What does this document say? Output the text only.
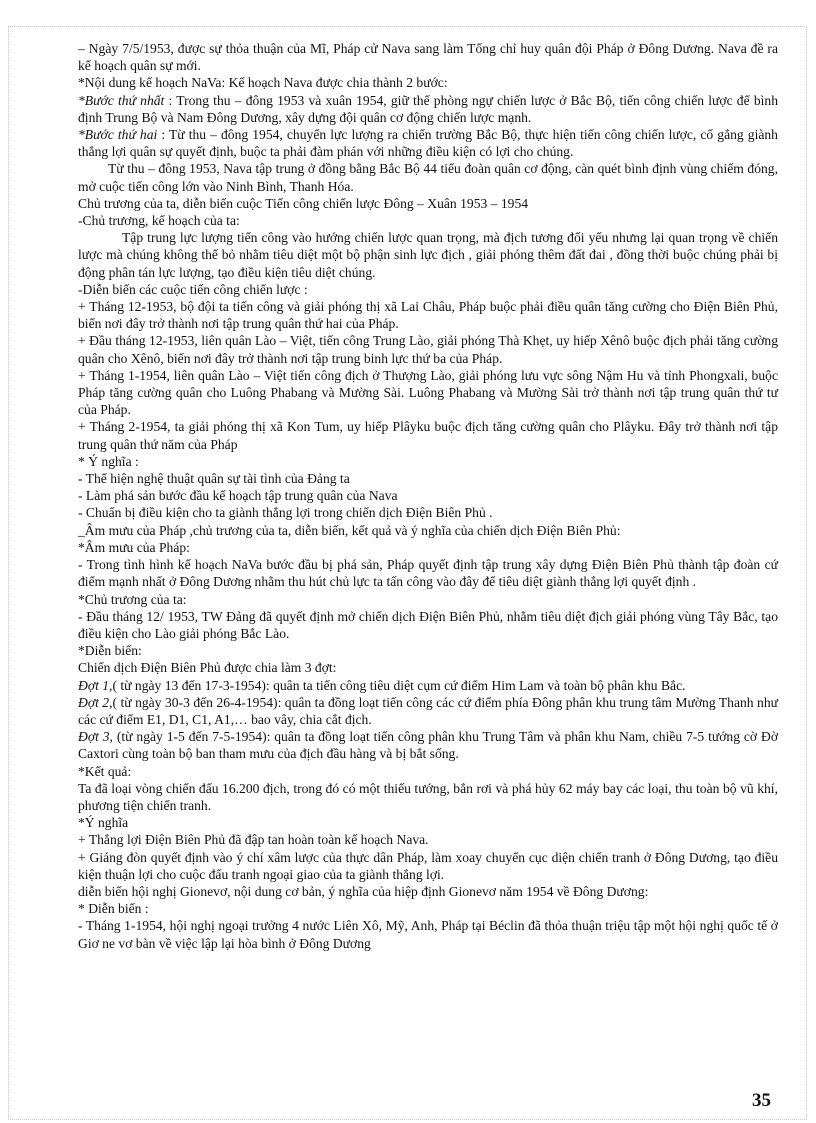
– Ngày 7/5/1953, được sự thỏa thuận của Mĩ, Pháp cử Nava sang làm Tổng chỉ huy quân đội Pháp ở Đông Dương. Nava đề ra kế hoạch quân sự mới.

*Nội dung kế hoạch NaVa: Kế hoạch Nava được chia thành 2 bước:

*Bước thứ nhất : Trong thu – đông 1953 và xuân 1954, giữ thế phòng ngự chiến lược ở Bắc Bộ, tiến công chiến lược để bình định Trung Bộ và Nam Đông Dương, xây dựng đội quân cơ động chiến lược mạnh.

*Bước thứ hai : Từ thu – đông 1954, chuyển lực lượng ra chiến trường Bắc Bộ, thực hiện tiến công chiến lược, cố gắng giành thắng lợi quân sự quyết định, buộc ta phải đàm phán với những điều kiện có lợi cho chúng.

Từ thu – đông 1953, Nava tập trung ở đồng bằng Bắc Bộ 44 tiểu đoàn quân cơ động, càn quét bình định vùng chiếm đóng, mở cuộc tiến công lớn vào Ninh Bình, Thanh Hóa.

Chủ trương của ta, diễn biến cuộc Tiến công chiến lược Đông – Xuân 1953 – 1954

-Chủ trương, kế hoạch của ta:

Tập trung lực lượng tiến công vào hướng chiến lược quan trọng, mà địch tương đối yếu nhưng lại quan trọng về chiến lược mà chúng không thể bỏ nhằm tiêu diệt một bộ phận sinh lực địch , giải phóng thêm đất đai , đồng thời buộc chúng phải bị động phân tán lực lượng, tạo điều kiện tiêu diệt chúng.

-Diễn biến các cuộc tiến công chiến lược :

+ Tháng 12-1953, bộ đội ta tiến công và giải phóng thị xã Lai Châu, Pháp buộc phải điều quân tăng cường cho Điện Biên Phủ, biến nơi đây trở thành nơi tập trung quân thứ hai của Pháp.

+ Đầu tháng 12-1953, liên quân Lào – Việt, tiến công Trung Lào, giải phóng Thà Khẹt, uy hiếp Xênô buộc địch phải tăng cường quân cho Xênô, biến nơi đây trở thành nơi tập trung binh lực thứ ba của Pháp.

+ Tháng 1-1954, liên quân Lào – Việt tiến công địch ở Thượng Lào, giải phóng lưu vực sông Nậm Hu và tỉnh Phongxali, buộc Pháp tăng cường quân cho Luông Phabang và Mường Sài. Luông Phabang và Mường Sài trở thành nơi tập trung quân thứ tư của Pháp.

+ Tháng 2-1954, ta giải phóng thị xã Kon Tum, uy hiếp Plâyku buộc địch tăng cường quân cho Plâyku. Đây trở thành nơi tập trung quân thứ năm của Pháp

* Ý nghĩa :

- Thể hiện nghệ thuật quân sự tài tình của Đảng ta

- Làm phá sản bước đầu kế hoạch tập trung quân của Nava

- Chuẩn bị điều kiện cho ta giành thắng lợi trong chiến dịch Điện Biên Phủ .

_Âm mưu của Pháp ,chủ trương của ta, diễn biến, kết quả và ý nghĩa của chiến dịch Điện Biên Phủ:

*Âm mưu của Pháp:

- Trong tình hình kế hoạch NaVa bước đầu bị phá sản, Pháp quyết định tập trung xây dựng Điện Biên Phủ thành tập đoàn cứ điểm mạnh nhất ở Đông Dương nhằm thu hút chủ lực ta tấn công vào đây để tiêu diệt giành thắng lợi quyết định .

*Chủ trương của ta:

- Đầu tháng 12/ 1953, TW Đảng đã quyết định mở chiến dịch Điện Biên Phủ, nhằm tiêu diệt địch giải phóng vùng Tây Bắc, tạo điều kiện cho Lào giải phóng Bắc Lào.

*Diễn biến:

Chiến dịch Điện Biên Phủ được chia làm 3 đợt:

Đợt 1,( từ ngày 13 đến 17-3-1954): quân ta tiến công tiêu diệt cụm cứ điểm Him Lam và toàn bộ phân khu Bắc.

Đợt 2,( từ ngày 30-3 đến 26-4-1954): quân ta đồng loạt tiến công các cứ điểm phía Đông phân khu trung tâm Mường Thanh như các cứ điểm E1, D1, C1, A1,… bao vây, chia cắt địch.

Đợt 3, (từ ngày 1-5 đến 7-5-1954): quân ta đồng loạt tiến công phân khu Trung Tâm và phân khu Nam, chiều 7-5 tướng cờ Đờ Caxtori cùng toàn bộ ban tham mưu của địch đầu hàng và bị bắt sống.

*Kết quả:

Ta đã loại vòng chiến đấu 16.200 địch, trong đó có một thiếu tướng, bắn rơi và phá hủy 62 máy bay các loại, thu toàn bộ vũ khí, phương tiện chiến tranh.

*Ý nghĩa

+ Thắng lợi Điện Biên Phủ đã đập tan hoàn toàn kế hoạch Nava.

+ Giáng đòn quyết định vào ý chí xâm lược của thực dân Pháp, làm xoay chuyển cục diện chiến tranh ở Đông Dương, tạo điều kiện thuận lợi cho cuộc đấu tranh ngoại giao của ta giành thắng lợi.

diễn biến hội nghị Gionevơ, nội dung cơ bản, ý nghĩa của hiệp định Gionevơ năm 1954 về Đông Dương:

* Diễn biến :

- Tháng 1-1954, hội nghị ngoại trưởng 4 nước Liên Xô, Mỹ, Anh, Pháp tại Béclin đã thỏa thuận triệu tập một hội nghị quốc tế ở Giơ ne vơ bàn về việc lập lại hòa bình ở Đông Dương

35
